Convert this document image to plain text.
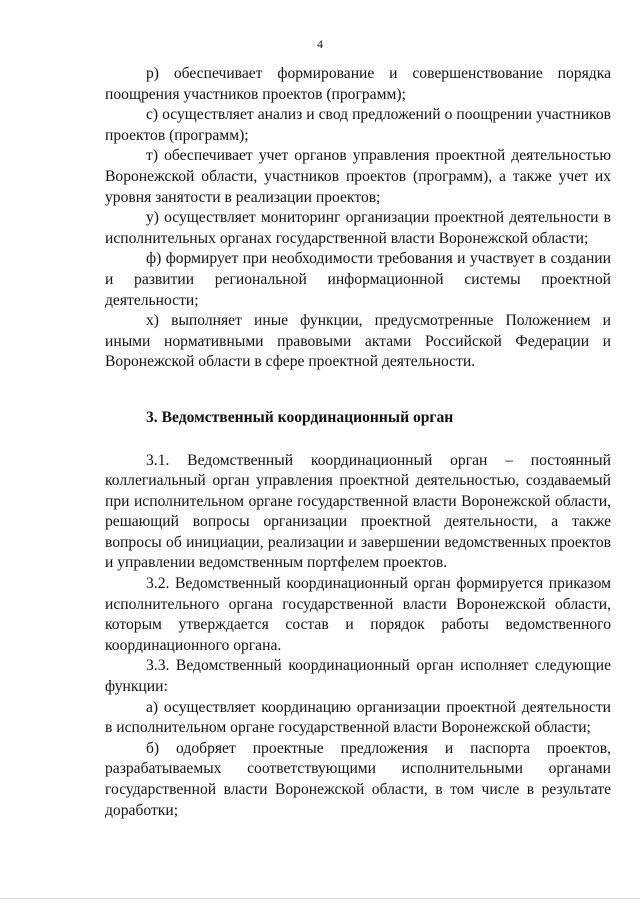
4

р) обеспечивает формирование и совершенствование порядка поощрения участников проектов (программ);

с) осуществляет анализ и свод предложений о поощрении участников проектов (программ);

т) обеспечивает учет органов управления проектной деятельностью Воронежской области, участников проектов (программ), а также учет их уровня занятости в реализации проектов;

у) осуществляет мониторинг организации проектной деятельности в исполнительных органах государственной власти Воронежской области;

ф) формирует при необходимости требования и участвует в создании и развитии региональной информационной системы проектной деятельности;

х) выполняет иные функции, предусмотренные Положением и иными нормативными правовыми актами Российской Федерации и Воронежской области в сфере проектной деятельности.

3. Ведомственный координационный орган

3.1. Ведомственный координационный орган – постоянный коллегиальный орган управления проектной деятельностью, создаваемый при исполнительном органе государственной власти Воронежской области, решающий вопросы организации проектной деятельности, а также вопросы об инициации, реализации и завершении ведомственных проектов и управлении ведомственным портфелем проектов.

3.2. Ведомственный координационный орган формируется приказом исполнительного органа государственной власти Воронежской области, которым утверждается состав и порядок работы ведомственного координационного органа.

3.3. Ведомственный координационный орган исполняет следующие функции:

а) осуществляет координацию организации проектной деятельности в исполнительном органе государственной власти Воронежской области;

б) одобряет проектные предложения и паспорта проектов, разрабатываемых соответствующими исполнительными органами государственной власти Воронежской области, в том числе в результате доработки;
